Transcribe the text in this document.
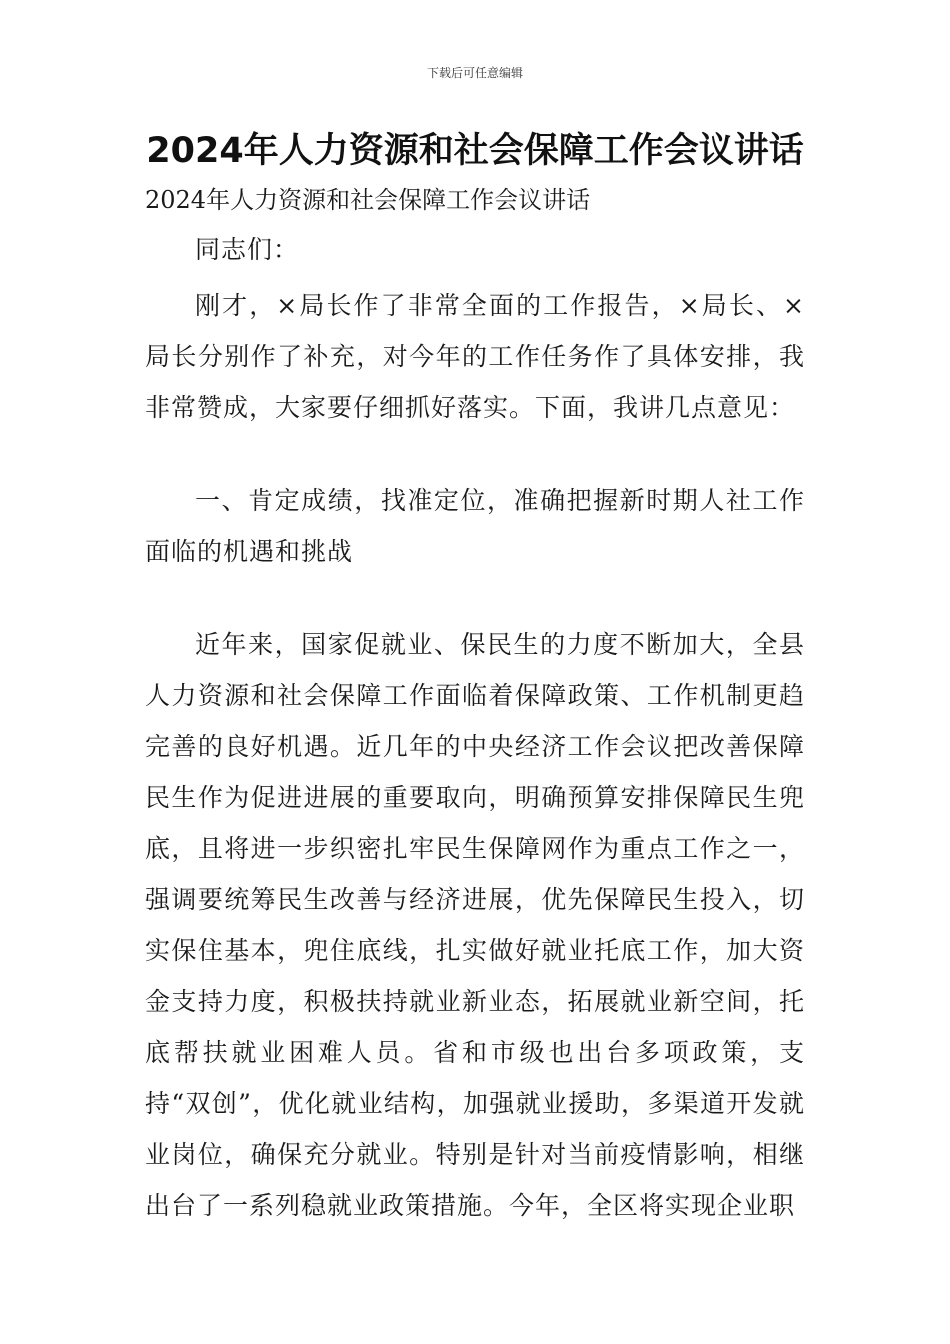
下载后可任意编辑
2024年人力资源和社会保障工作会议讲话

2024年人力资源和社会保障工作会议讲话

同志们：

刚才，×局长作了非常全面的工作报告，×局长、×局长分别作了补充，对今年的工作任务作了具体安排，我非常赞成，大家要仔细抓好落实。下面，我讲几点意见：

一、肯定成绩，找准定位，准确把握新时期人社工作面临的机遇和挑战

近年来，国家促就业、保民生的力度不断加大，全县人力资源和社会保障工作面临着保障政策、工作机制更趋完善的良好机遇。近几年的中央经济工作会议把改善保障民生作为促进进展的重要取向，明确预算安排保障民生兜底，且将进一步织密扎牢民生保障网作为重点工作之一，强调要统筹民生改善与经济进展，优先保障民生投入，切实保住基本，兜住底线，扎实做好就业托底工作，加大资金支持力度，积极扶持就业新业态，拓展就业新空间，托底帮扶就业困难人员。省和市级也出台多项政策，支持“双创”，优化就业结构，加强就业援助，多渠道开发就业岗位，确保充分就业。特别是针对当前疫情影响，相继出台了一系列稳就业政策措施。今年，全区将实现企业职
